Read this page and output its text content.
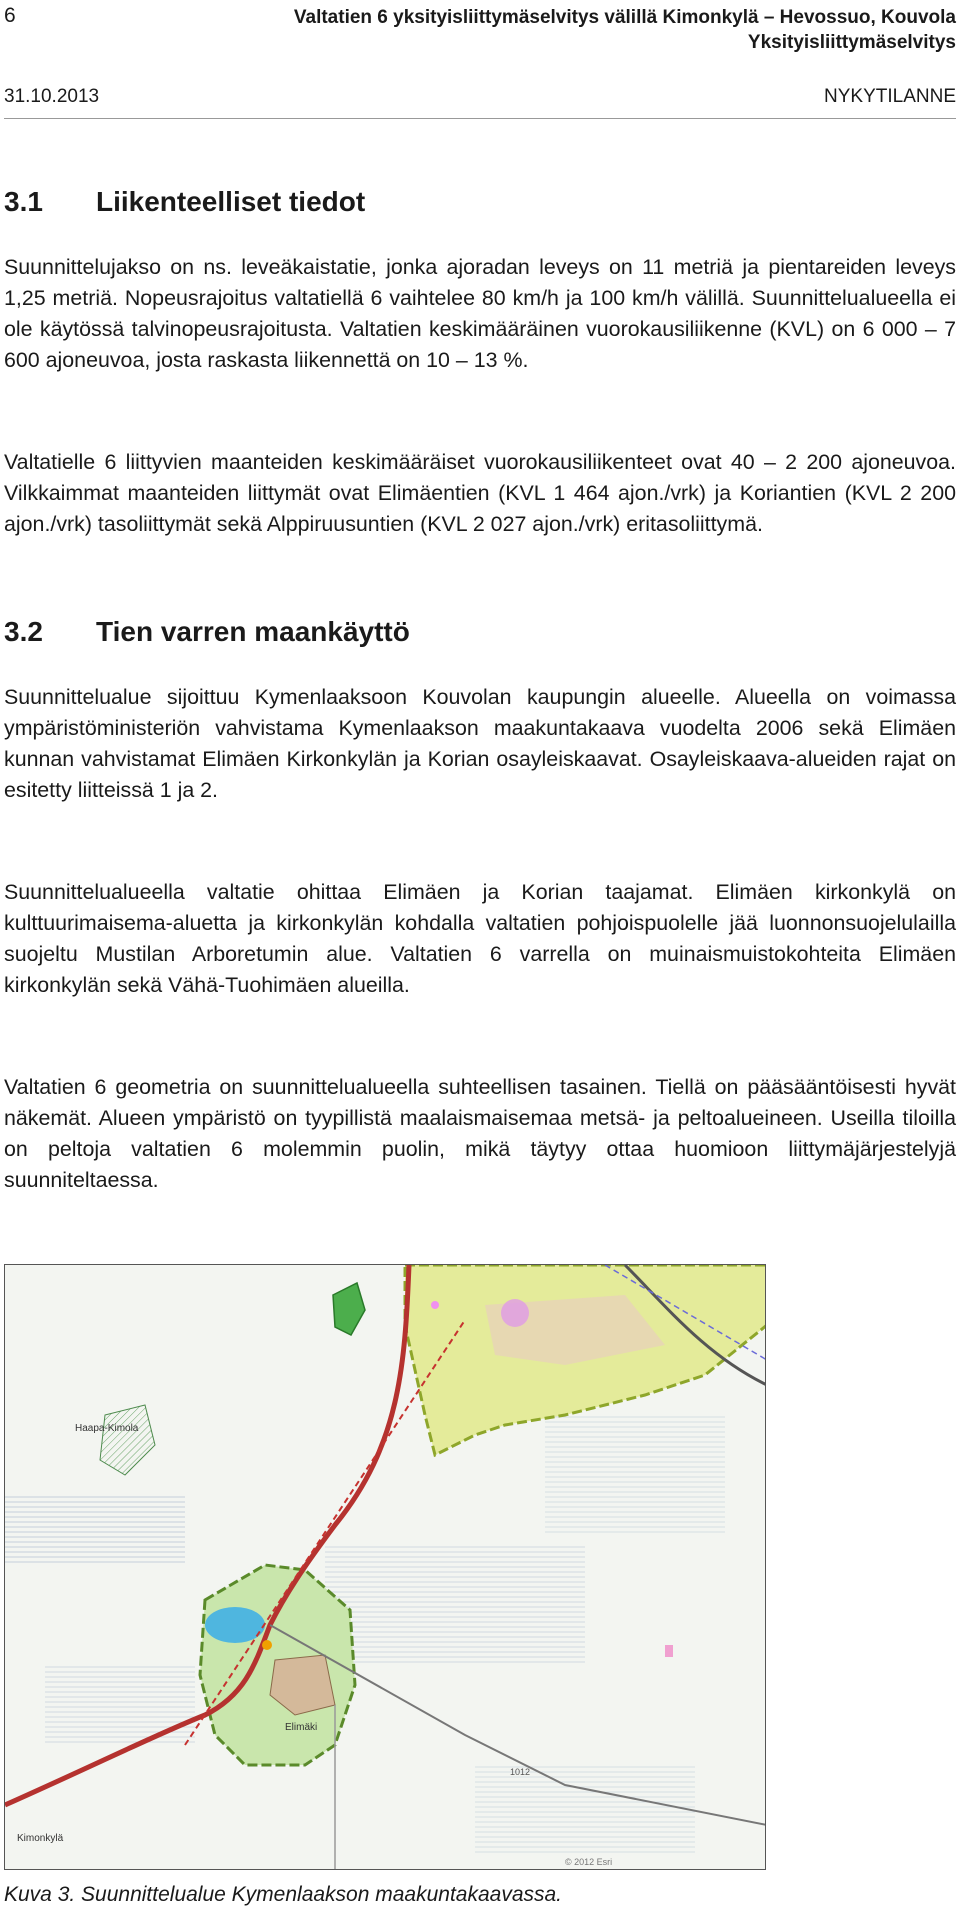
6	Valtatien 6 yksityisliittymäselvitys välillä Kimonkylä – Hevossuo, Kouvola
Yksityisliittymäselvitys
31.10.2013	NYKYTILANNE
3.1 Liikenteelliset tiedot

Suunnittelujakso on ns. leveäkaistatie, jonka ajoradan leveys on 11 metriä ja pientareiden leveys 1,25 metriä. Nopeusrajoitus valtatiellä 6 vaihtelee 80 km/h ja 100 km/h välillä. Suunnittelualueella ei ole käytössä talvinopeusrajoitusta. Valtatien keskimääräinen vuorokausiliikenne (KVL) on 6 000 – 7 600 ajoneuvoa, josta raskasta liikennettä on 10 – 13 %.

Valtatielle 6 liittyvien maanteiden keskimääräiset vuorokausiliikenteet ovat 40 – 2 200 ajoneuvoa. Vilkkaimmat maanteiden liittymät ovat Elimäentien (KVL 1 464 ajon./vrk) ja Koriantien (KVL 2 200 ajon./vrk) tasoliittymät sekä Alppiruusuntien (KVL 2 027 ajon./vrk) eritasoliittymä.

3.2 Tien varren maankäyttö

Suunnittelualue sijoittuu Kymenlaaksoon Kouvolan kaupungin alueelle. Alueella on voimassa ympäristöministeriön vahvistama Kymenlaakson maakuntakaava vuodelta 2006 sekä Elimäen kunnan vahvistamat Elimäen Kirkonkylän ja Korian osayleiskaavat. Osayleiskaava-alueiden rajat on esitetty liitteissä 1 ja 2.

Suunnittelualueella valtatie ohittaa Elimäen ja Korian taajamat. Elimäen kirkonkylä on kulttuurimaisema-aluetta ja kirkonkylän kohdalla valtatien pohjoispuolelle jää luonnonsuojelulailla suojeltu Mustilan Arboretumin alue. Valtatien 6 varrella on muinaismuistokohteita Elimäen kirkonkylän sekä Vähä-Tuohimäen alueilla.

Valtatien 6 geometria on suunnittelualueella suhteellisen tasainen. Tiellä on pääsääntöisesti hyvät näkemät. Alueen ympäristö on tyypillistä maalaismaisemaa metsä- ja peltoalueineen. Useilla tiloilla on peltoja valtatien 6 molemmin puolin, mikä täytyy ottaa huomioon liittymäjärjestelyjä suunniteltaessa.

Haapa-Kimola
Elimäki
Kimonkylä
1012
© 2012 Esri
Kuva 3. Suunnittelualue Kymenlaakson maakuntakaavassa.
